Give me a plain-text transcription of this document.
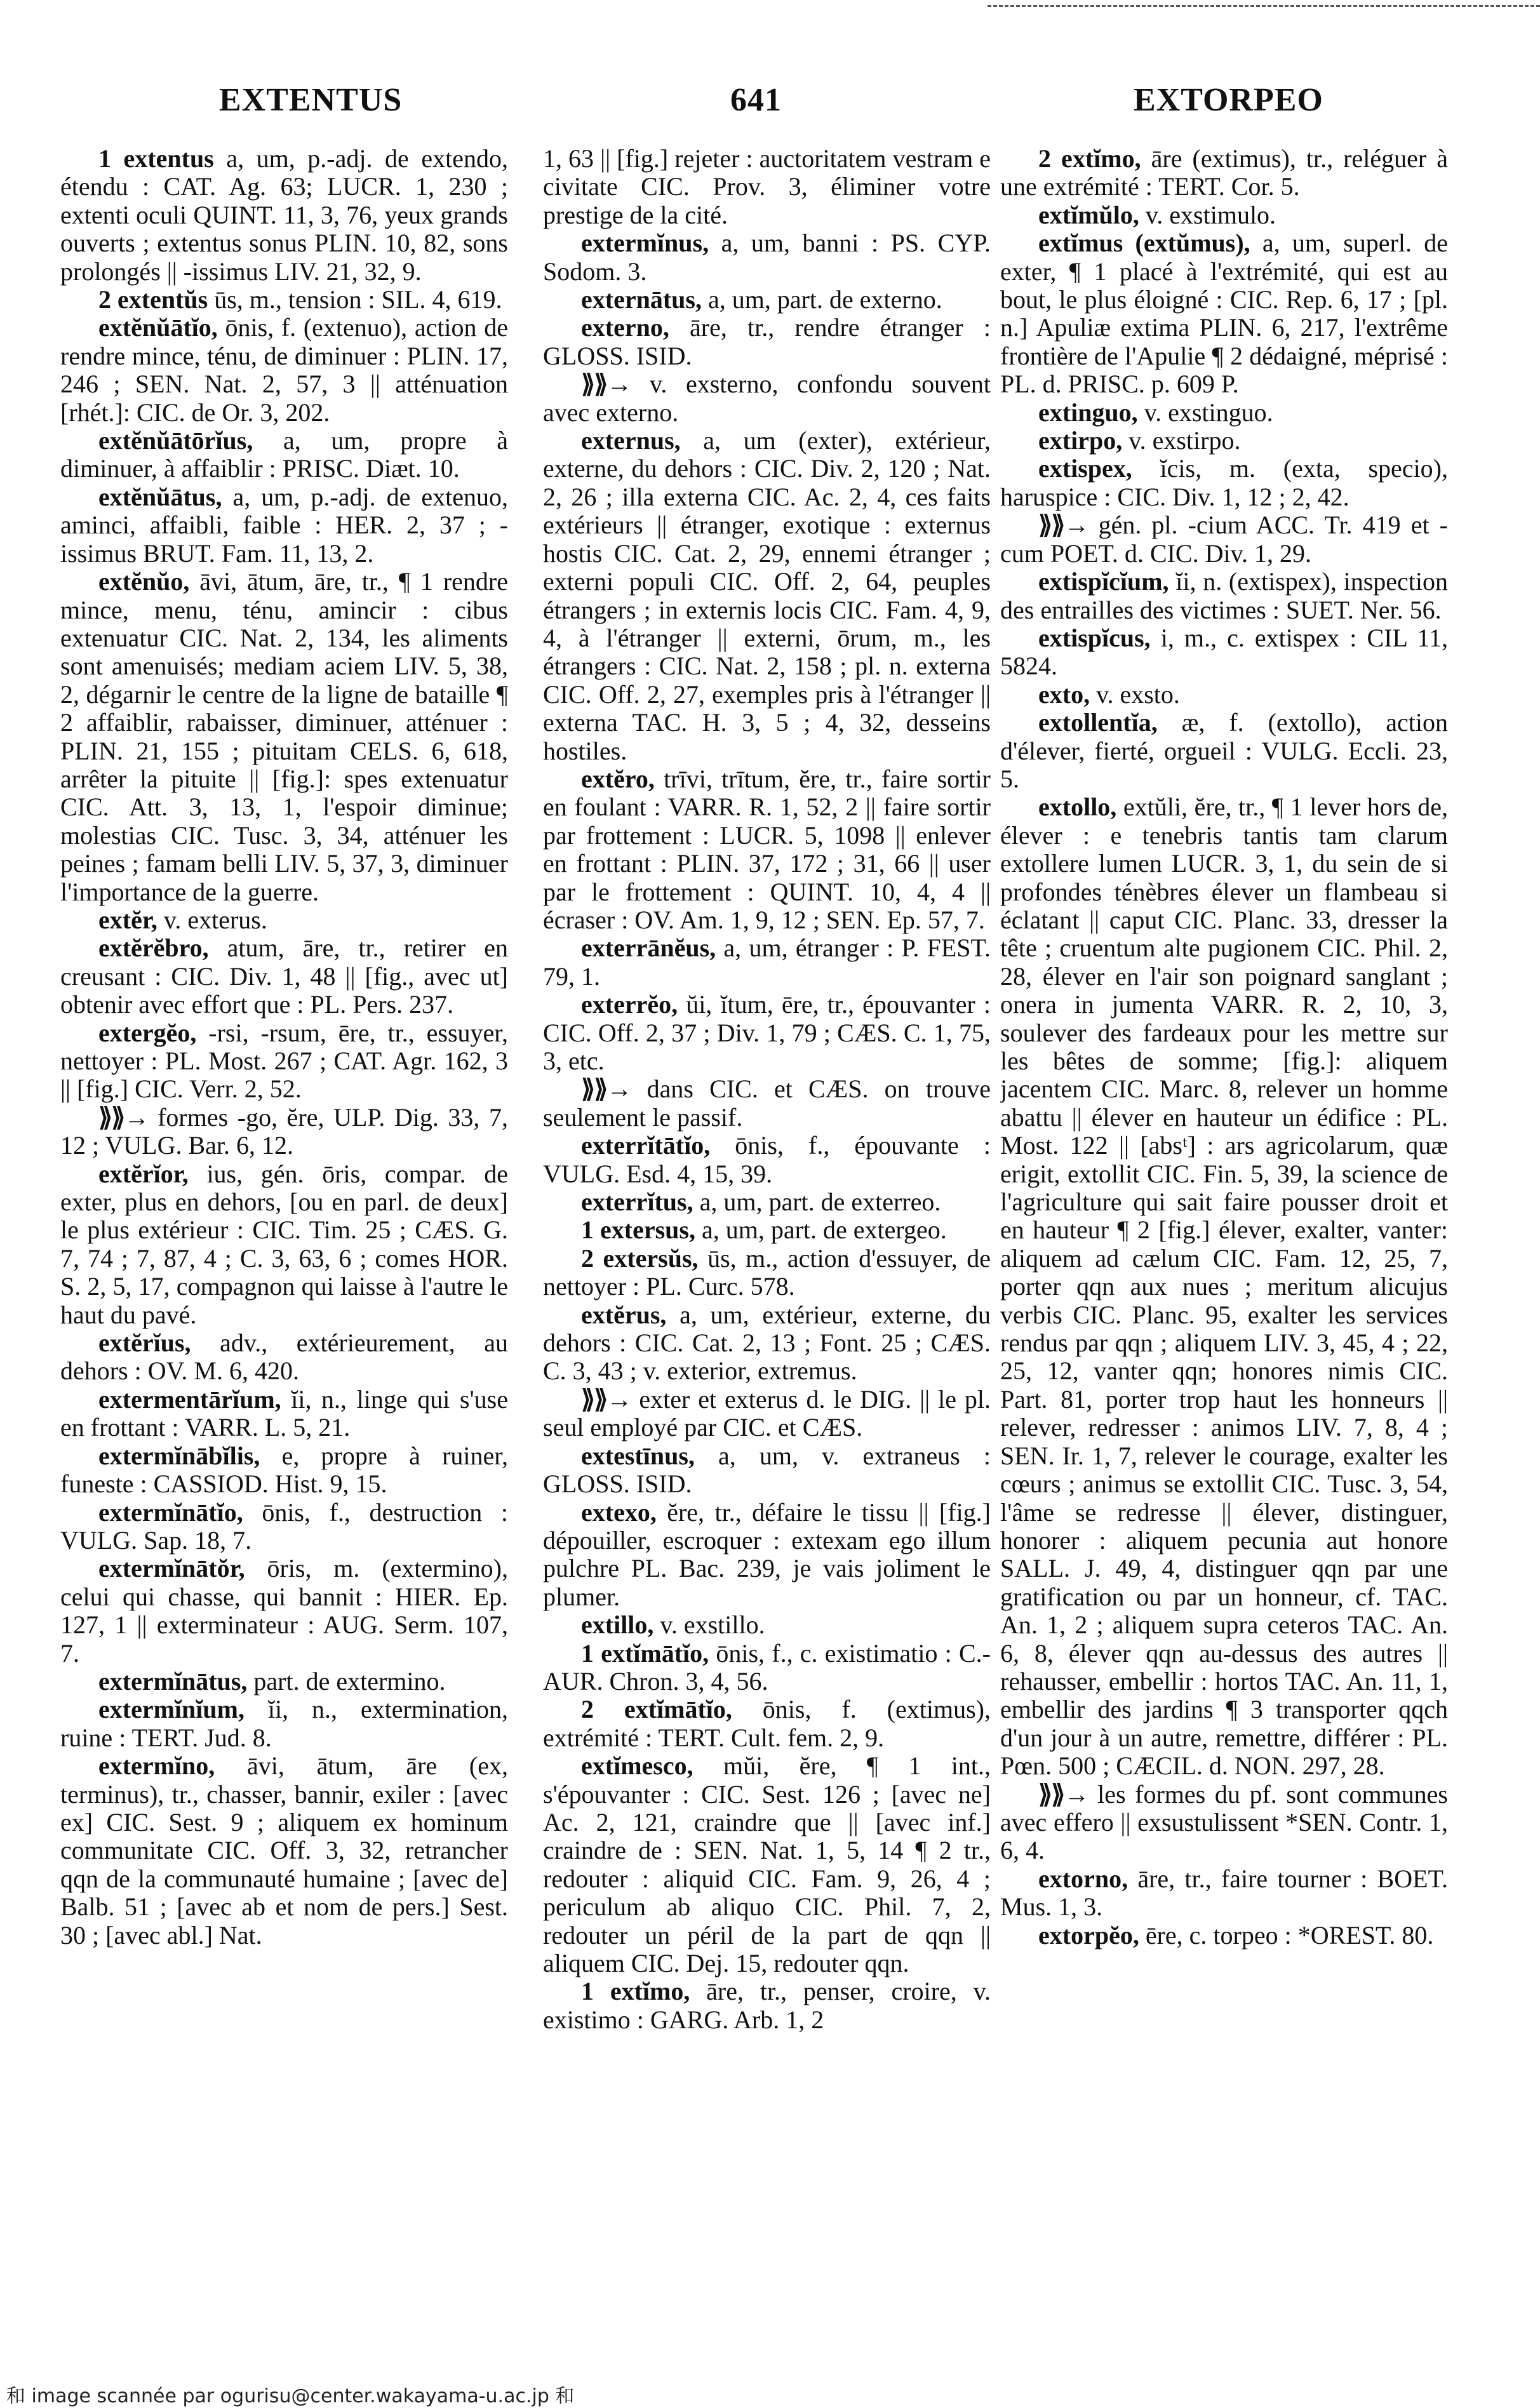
EXTENTUS	641	EXTORPEO

1 extentus a, um, p.-adj. de extendo, étendu : CAT. Ag. 63; LUCR. 1, 230 ; extenti oculi QUINT. 11, 3, 76, yeux grands ouverts ; extentus sonus PLIN. 10, 82, sons prolongés || -issimus LIV. 21, 32, 9.

2 extentŭs ūs, m., tension : SIL. 4, 619.

extĕnŭātĭo, ōnis, f. (extenuo), action de rendre mince, ténu, de diminuer : PLIN. 17, 246 ; SEN. Nat. 2, 57, 3 || atténuation [rhét.]: CIC. de Or. 3, 202.

extĕnŭātōrĭus, a, um, propre à diminuer, à affaiblir : PRISC. Diæt. 10.

extĕnŭātus, a, um, p.-adj. de extenuo, aminci, affaibli, faible : HER. 2, 37 ; -issimus BRUT. Fam. 11, 13, 2.

extĕnŭo, āvi, ātum, āre, tr., ¶ 1 rendre mince, menu, ténu, amincir : cibus extenuatur CIC. Nat. 2, 134, les aliments sont amenuisés; mediam aciem LIV. 5, 38, 2, dégarnir le centre de la ligne de bataille ¶ 2 affaiblir, rabaisser, diminuer, atténuer : PLIN. 21, 155 ; pituitam CELS. 6, 618, arrêter la pituite || [fig.]: spes extenuatur CIC. Att. 3, 13, 1, l'espoir diminue; molestias CIC. Tusc. 3, 34, atténuer les peines ; famam belli LIV. 5, 37, 3, diminuer l'importance de la guerre.

extĕr, v. exterus.

extĕrĕbro, atum, āre, tr., retirer en creusant : CIC. Div. 1, 48 || [fig., avec ut] obtenir avec effort que : PL. Pers. 237.

extergĕo, -rsi, -rsum, ēre, tr., essuyer, nettoyer : PL. Most. 267 ; CAT. Agr. 162, 3 || [fig.] CIC. Verr. 2, 52.

⟫⟫→ formes -go, ĕre, ULP. Dig. 33, 7, 12 ; VULG. Bar. 6, 12.

extĕrĭor, ius, gén. ōris, compar. de exter, plus en dehors, [ou en parl. de deux] le plus extérieur : CIC. Tim. 25 ; CÆS. G. 7, 74 ; 7, 87, 4 ; C. 3, 63, 6 ; comes HOR. S. 2, 5, 17, compagnon qui laisse à l'autre le haut du pavé.

extĕrĭus, adv., extérieurement, au dehors : OV. M. 6, 420.

extermentārĭum, ĭi, n., linge qui s'use en frottant : VARR. L. 5, 21.

extermĭnābĭlis, e, propre à ruiner, funeste : CASSIOD. Hist. 9, 15.

extermĭnātĭo, ōnis, f., destruction : VULG. Sap. 18, 7.

extermĭnātŏr, ōris, m. (extermino), celui qui chasse, qui bannit : HIER. Ep. 127, 1 || exterminateur : AUG. Serm. 107, 7.

extermĭnātus, part. de extermino.

extermĭnĭum, ĭi, n., extermination, ruine : TERT. Jud. 8.

extermĭno, āvi, ātum, āre (ex, terminus), tr., chasser, bannir, exiler : [avec ex] CIC. Sest. 9 ; aliquem ex hominum communitate CIC. Off. 3, 32, retrancher qqn de la communauté humaine ; [avec de] Balb. 51 ; [avec ab et nom de pers.] Sest. 30 ; [avec abl.] Nat.

1, 63 || [fig.] rejeter : auctoritatem vestram e civitate CIC. Prov. 3, éliminer votre prestige de la cité.

extermĭnus, a, um, banni : PS. CYP. Sodom. 3.

externātus, a, um, part. de externo.

externo, āre, tr., rendre étranger : GLOSS. ISID.

⟫⟫→ v. exsterno, confondu souvent avec externo.

externus, a, um (exter), extérieur, externe, du dehors : CIC. Div. 2, 120 ; Nat. 2, 26 ; illa externa CIC. Ac. 2, 4, ces faits extérieurs || étranger, exotique : externus hostis CIC. Cat. 2, 29, ennemi étranger ; externi populi CIC. Off. 2, 64, peuples étrangers ; in externis locis CIC. Fam. 4, 9, 4, à l'étranger || externi, ōrum, m., les étrangers : CIC. Nat. 2, 158 ; pl. n. externa CIC. Off. 2, 27, exemples pris à l'étranger || externa TAC. H. 3, 5 ; 4, 32, desseins hostiles.

extĕro, trīvi, trītum, ĕre, tr., faire sortir en foulant : VARR. R. 1, 52, 2 || faire sortir par frottement : LUCR. 5, 1098 || enlever en frottant : PLIN. 37, 172 ; 31, 66 || user par le frottement : QUINT. 10, 4, 4 || écraser : OV. Am. 1, 9, 12 ; SEN. Ep. 57, 7.

exterrānĕus, a, um, étranger : P. FEST. 79, 1.

exterrĕo, ŭi, ĭtum, ēre, tr., épouvanter : CIC. Off. 2, 37 ; Div. 1, 79 ; CÆS. C. 1, 75, 3, etc.

⟫⟫→ dans CIC. et CÆS. on trouve seulement le passif.

exterrĭtātĭo, ōnis, f., épouvante : VULG. Esd. 4, 15, 39.

exterrĭtus, a, um, part. de exterreo.

1 extersus, a, um, part. de extergeo.

2 extersŭs, ūs, m., action d'essuyer, de nettoyer : PL. Curc. 578.

extĕrus, a, um, extérieur, externe, du dehors : CIC. Cat. 2, 13 ; Font. 25 ; CÆS. C. 3, 43 ; v. exterior, extremus.

⟫⟫→ exter et exterus d. le DIG. || le pl. seul employé par CIC. et CÆS.

extestīnus, a, um, v. extraneus : GLOSS. ISID.

extexo, ĕre, tr., défaire le tissu || [fig.] dépouiller, escroquer : extexam ego illum pulchre PL. Bac. 239, je vais joliment le plumer.

extillo, v. exstillo.

1 extĭmātĭo, ōnis, f., c. existimatio : C.-AUR. Chron. 3, 4, 56.

2 extĭmātĭo, ōnis, f. (extimus), extrémité : TERT. Cult. fem. 2, 9.

extĭmesco, mŭi, ĕre, ¶ 1 int., s'épouvanter : CIC. Sest. 126 ; [avec ne] Ac. 2, 121, craindre que || [avec inf.] craindre de : SEN. Nat. 1, 5, 14 ¶ 2 tr., redouter : aliquid CIC. Fam. 9, 26, 4 ; periculum ab aliquo CIC. Phil. 7, 2, redouter un péril de la part de qqn || aliquem CIC. Dej. 15, redouter qqn.

1 extĭmo, āre, tr., penser, croire, v. existimo : GARG. Arb. 1, 2

2 extĭmo, āre (extimus), tr., reléguer à une extrémité : TERT. Cor. 5.

extĭmŭlo, v. exstimulo.

extĭmus (extŭmus), a, um, superl. de exter, ¶ 1 placé à l'extrémité, qui est au bout, le plus éloigné : CIC. Rep. 6, 17 ; [pl. n.] Apuliæ extima PLIN. 6, 217, l'extrême frontière de l'Apulie ¶ 2 dédaigné, méprisé : PL. d. PRISC. p. 609 P.

extinguo, v. exstinguo.

extirpo, v. exstirpo.

extispex, ĭcis, m. (exta, specio), haruspice : CIC. Div. 1, 12 ; 2, 42.

⟫⟫→ gén. pl. -cium ACC. Tr. 419 et -cum POET. d. CIC. Div. 1, 29.

extispĭcĭum, ĭi, n. (extispex), inspection des entrailles des victimes : SUET. Ner. 56.

extispĭcus, i, m., c. extispex : CIL 11, 5824.

exto, v. exsto.

extollentĭa, æ, f. (extollo), action d'élever, fierté, orgueil : VULG. Eccli. 23, 5.

extollo, extŭli, ĕre, tr., ¶ 1 lever hors de, élever : e tenebris tantis tam clarum extollere lumen LUCR. 3, 1, du sein de si profondes ténèbres élever un flambeau si éclatant || caput CIC. Planc. 33, dresser la tête ; cruentum alte pugionem CIC. Phil. 2, 28, élever en l'air son poignard sanglant ; onera in jumenta VARR. R. 2, 10, 3, soulever des fardeaux pour les mettre sur les bêtes de somme; [fig.]: aliquem jacentem CIC. Marc. 8, relever un homme abattu || élever en hauteur un édifice : PL. Most. 122 || [absᵗ] : ars agricolarum, quæ erigit, extollit CIC. Fin. 5, 39, la science de l'agriculture qui sait faire pousser droit et en hauteur ¶ 2 [fig.] élever, exalter, vanter: aliquem ad cælum CIC. Fam. 12, 25, 7, porter qqn aux nues ; meritum alicujus verbis CIC. Planc. 95, exalter les services rendus par qqn ; aliquem LIV. 3, 45, 4 ; 22, 25, 12, vanter qqn; honores nimis CIC. Part. 81, porter trop haut les honneurs || relever, redresser : animos LIV. 7, 8, 4 ; SEN. Ir. 1, 7, relever le courage, exalter les cœurs ; animus se extollit CIC. Tusc. 3, 54, l'âme se redresse || élever, distinguer, honorer : aliquem pecunia aut honore SALL. J. 49, 4, distinguer qqn par une gratification ou par un honneur, cf. TAC. An. 1, 2 ; aliquem supra ceteros TAC. An. 6, 8, élever qqn au-dessus des autres || rehausser, embellir : hortos TAC. An. 11, 1, embellir des jardins ¶ 3 transporter qqch d'un jour à un autre, remettre, différer : PL. Pœn. 500 ; CÆCIL. d. NON. 297, 28.

⟫⟫→ les formes du pf. sont communes avec effero || exsustulissent *SEN. Contr. 1, 6, 4.

extorno, āre, tr., faire tourner : BOET. Mus. 1, 3.

extorpĕo, ēre, c. torpeo : *OREST. 80.

和 image scannée par ogurisu@center.wakayama-u.ac.jp 和
